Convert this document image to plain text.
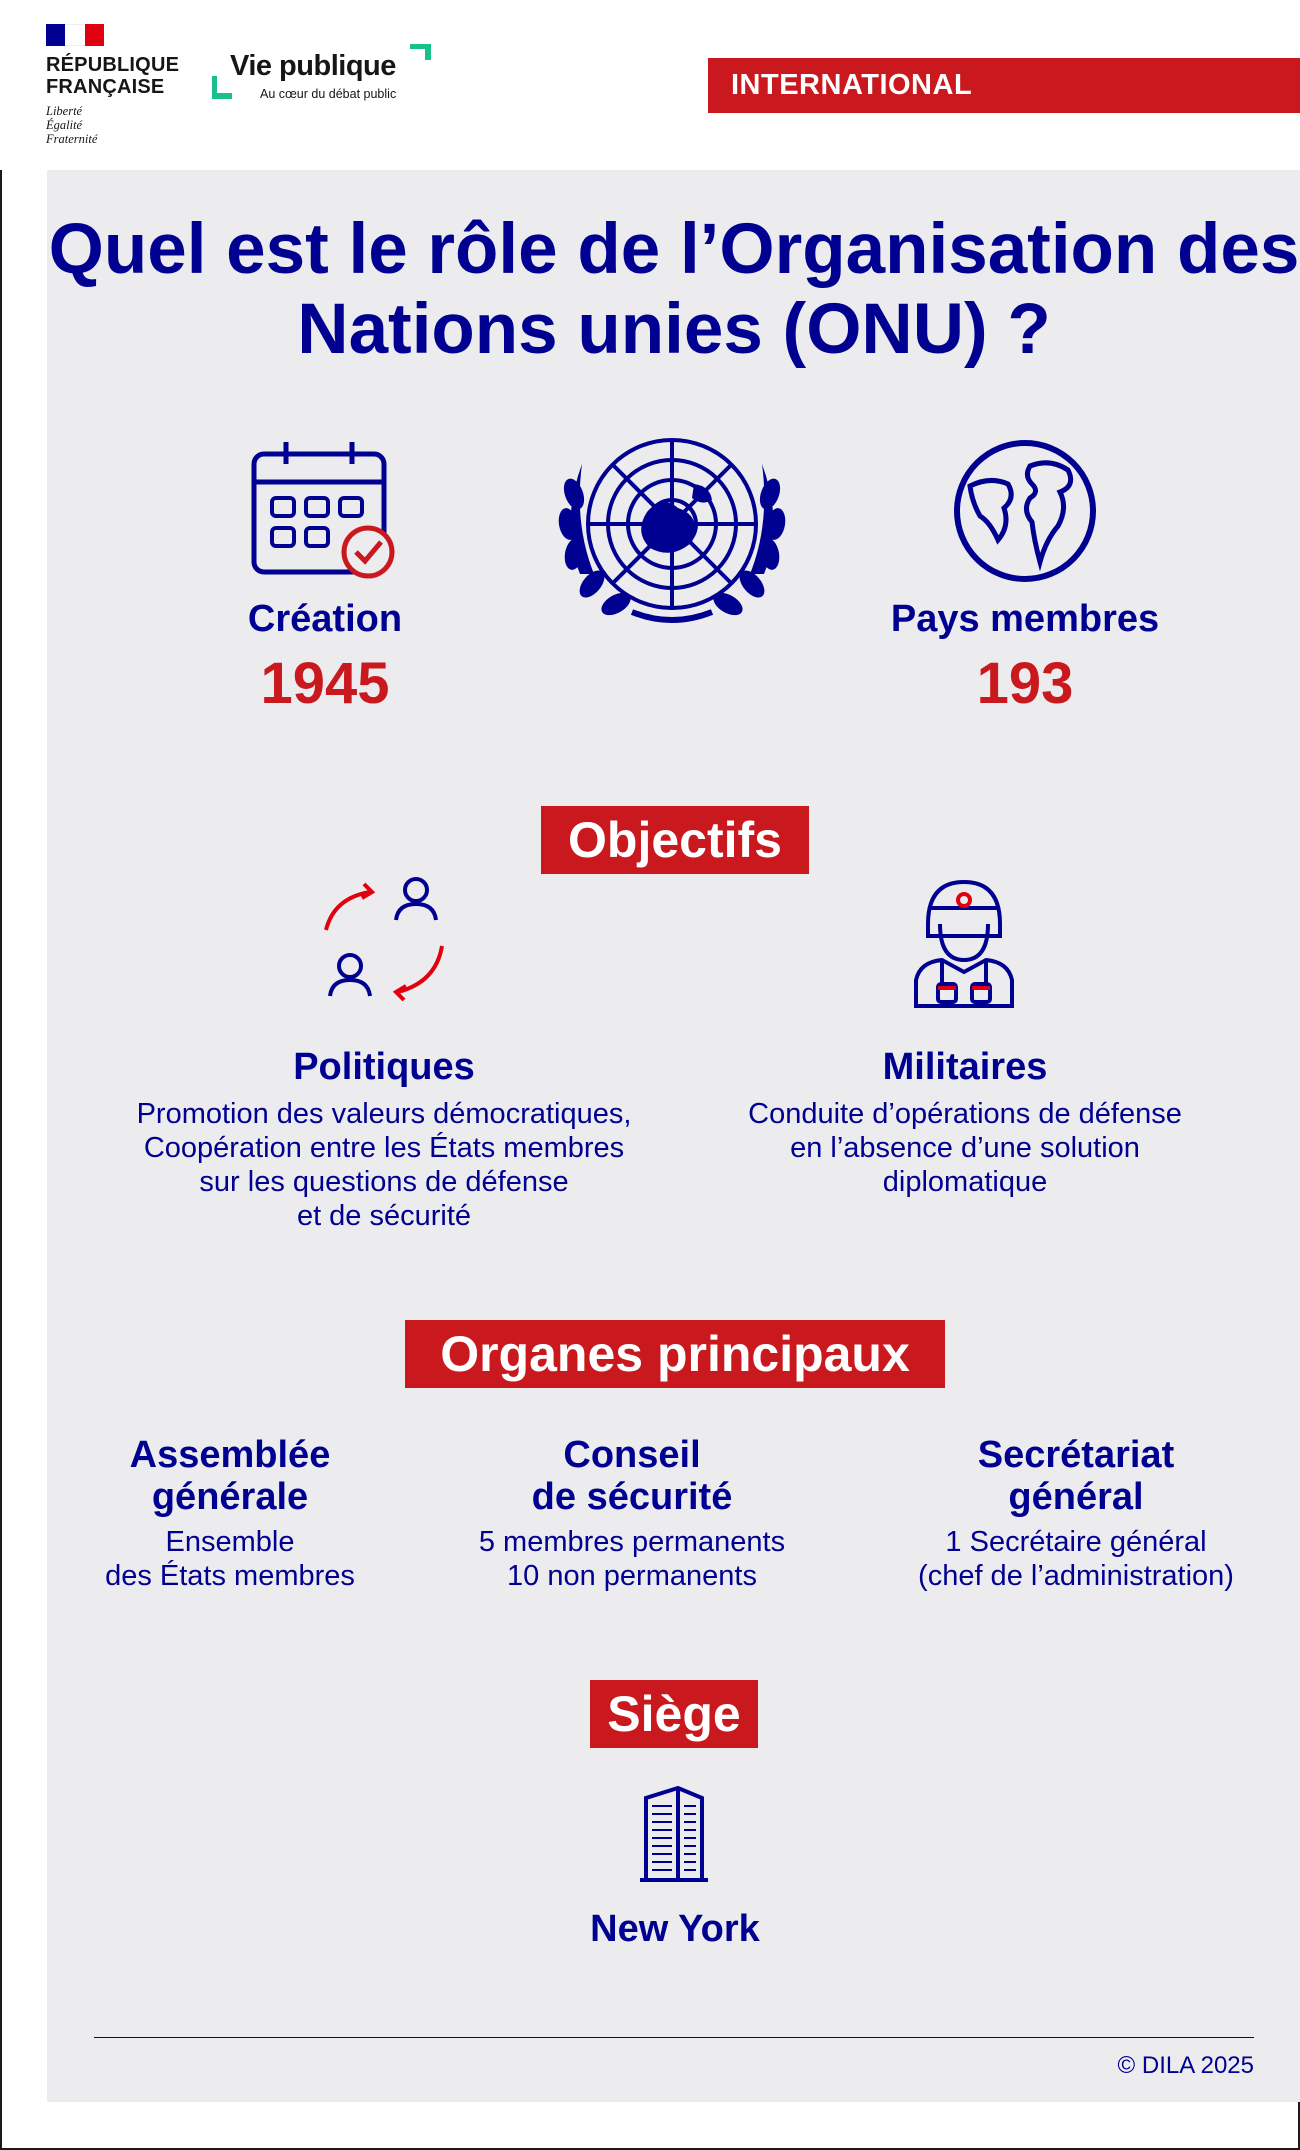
RÉPUBLIQUE
FRANÇAISE
Liberté
Égalité
Fraternité
Vie publique
Au cœur du débat public	INTERNATIONAL
Quel est le rôle de l’Organisation des Nations unies (ONU) ?
Création
1945
Pays membres
193
Objectifs
Politiques
Promotion des valeurs démocratiques,
Coopération entre les États membres
sur les questions de défense
et de sécurité
Militaires
Conduite d’opérations de défense
en l’absence d’une solution
diplomatique
Organes principaux
Assemblée
générale
Ensemble
des États membres
Conseil
de sécurité
5 membres permanents
10 non permanents
Secrétariat
général
1 Secrétaire général
(chef de l’administration)
Siège
New York
© DILA 2025
